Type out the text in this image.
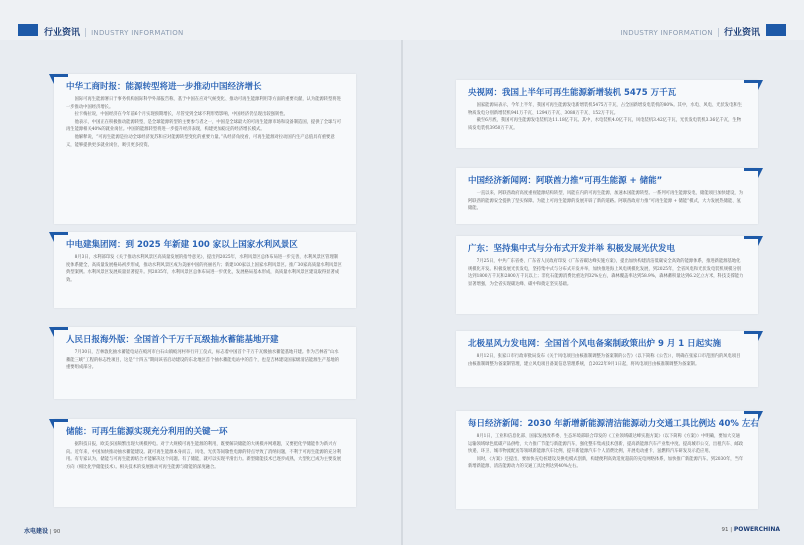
行业资讯 | INDUSTRY INFORMATION	INDUSTRY INFORMATION | 行业资讯
中华工商时报：能源转型将进一步推动中国经济增长

国际可再生能源署日于事务机构国际科学外部报告称，基于中国在应对气候变化、推动可再生能源利用等方面的重要贡献，认为能源转型将进一步推动中国经济增长。

拉卡梅拉说，中国经济在今年前6个月实现预期增长，尽管受到全球不利形势影响，中国经济仍呈现出较强韧性。

他表示，中国正在积极推动能源转型，是全球能源转型的主要参与者之一，中国是全球最大的可再生能源市场和设备制造国，提供了全球与可再生能源相关40%的就业岗位。中国的能源转型将进一步提升经济表现，构建更加稳定的经济增长模式。

他解释说，“可再生能源是拉动全球经济复苏和应对能源转型变化的重要力量。”从经济角度看，可再生能源对拉动国内生产总值具有重要意义，能够提供更多就业岗位，吸引更多投资。

中电建集团网：到 2025 年新建 100 家以上国家水利风景区

8月3日，水利部印发《关于推动水利风景区高质量发展的指导意见》，提出到2025年，水利风景区总体布局进一步完善，水利风景区管理制度体系健全，高质量发展格局初步形成，推动水利风景区成为美丽中国的亮丽名片；新建100家以上国家水利风景区。推广30家高质量水利风景区典型案例。水利风景区发展质量显著提升。到2035年，水利风景区总体布局进一步优化，发展格局基本形成，高质量水利风景区建设取得显著成效。

人民日报海外版：全国首个千万千瓦级抽水蓄能基地开建

7月30日，吉林敦化抽水蓄能电站在蛟河市白石山镇蛟河村举行开工仪式，标志着中国首个千万千瓦级抽水蓄能基地开建。作为吉林省“山水蓄能三峡”工程的标志性项目，这是“十四五”期间该省启动建设的东北地区首个抽水蓄能电站中的首个，也是吉林建设国家级清洁能源生产基地的重要组成部分。

储能：可再生能源实现充分利用的关键一环

据科技日报，欧美多国频繁出现大规模停电。对于大规模可再生能源的利用，既要解决储能的大规模并网难题，又要把化学储能作为新兴方向。近年来，中国加快推动抽水蓄能建设。就可再生能源本身而言，风电、光伏等间歇性电源的特点导致了消纳问题，不利于可再生能源的充分利用。有专家认为，储能与可再生能源结合才能解决这个问题。有了储能，就可以实现平滑出力。新型储能技术已逐步成熟，大型化已成为主要发展方向（相比化学储能技术）。相关技术的发展推动可再生能源与储能的深度融合。

央视网：我国上半年可再生能源新增装机 5475 万千瓦

国家能源局表示，今年上半年，我国可再生能源发电新增装机5475万千瓦，占全国新增发电装机的80%。其中，水电、风电、光伏发电和生物质发电分别新增装机941万千瓦、1294万千瓦、3088万千瓦、152万千瓦。

截至6月底，我国可再生能源发电装机达11.18亿千瓦。其中，水电装机4.0亿千瓦，风电装机3.42亿千瓦，光伏发电装机3.36亿千瓦，生物质发电装机3950万千瓦。

中国经济新闻网：阿联酋力推“可再生能源 + 储能”

一直以来，阿联酋政府高度重视能源结构转型，风能在内的可再生能源，加速本国能源转型。一系列可再生能源发电、储能项目加快建设，为阿联酋的能源安全提供了坚实保障。为能上可再生能源的发展开辟了新的道路。阿联酋政府力推“可再生能源 + 储能”模式，大力发展热储能、氢储能。

广东：坚持集中式与分布式开发并举 积极发展光伏发电

7月25日，中共广东省委、广东省人民政府印发《广东省碳达峰实施方案》，提出加快构建清洁低碳安全高效的能源体系，推进新能源基地化规模化开发。积极发展光伏发电，坚持集中式与分布式开发并举，加快推进海上风电规模化发展，到2025年，全省风电和光伏发电装机规模分别达到1800万千瓦和2800万千瓦以上；非化石能源消费比重达到32%左右，森林覆盖率达到58.9%，森林蓄积量达到6.2亿立方米，科技支撑能力显著增强，为全省实现碳达峰、碳中和奠定坚实基础。

北极星风力发电网：全国首个风电备案制政策出炉 9 月 1 日起实施

8月12日，张家口市行政审批局发布《关于风电项目由核准制调整为备案制的公告》（以下简称《公告》），明确在张家口市范围内的风电项目由核准制调整为备案制管理，建立风电项目备案信息管理系统，自2022年9月1日起，将风电项目由核准制调整为备案制。

每日经济新闻：2030 年新增新能源清洁能源动力交通工具比例达 40% 左右

8月1日，工业和信息化部、国家发展改革委、生态环境部联合印发的《工业领域碳达峰实施方案》（以下简称《方案》）中明确，要加大交通运输领域绿色低碳产品供给，大力推广节能与新能源汽车，强化整车集成技术创新，提高新能源汽车产业集中度。提高城市公交、出租汽车、邮政快递、环卫、城市物流配送等领域新能源汽车比例，提升新能源汽车个人消费比例，开展电动重卡、氢燃料汽车研发及示范应用。

同时，《方案》还提出，要加快充电桩建设及换电模式创新，构建便利高效适度超前的充电网络体系，加快推广新能源汽车。到2030年，当年新增新能源、清洁能源动力的交通工具比例达到40%左右。

水电建设 | 90	91 | POWERCHINA
